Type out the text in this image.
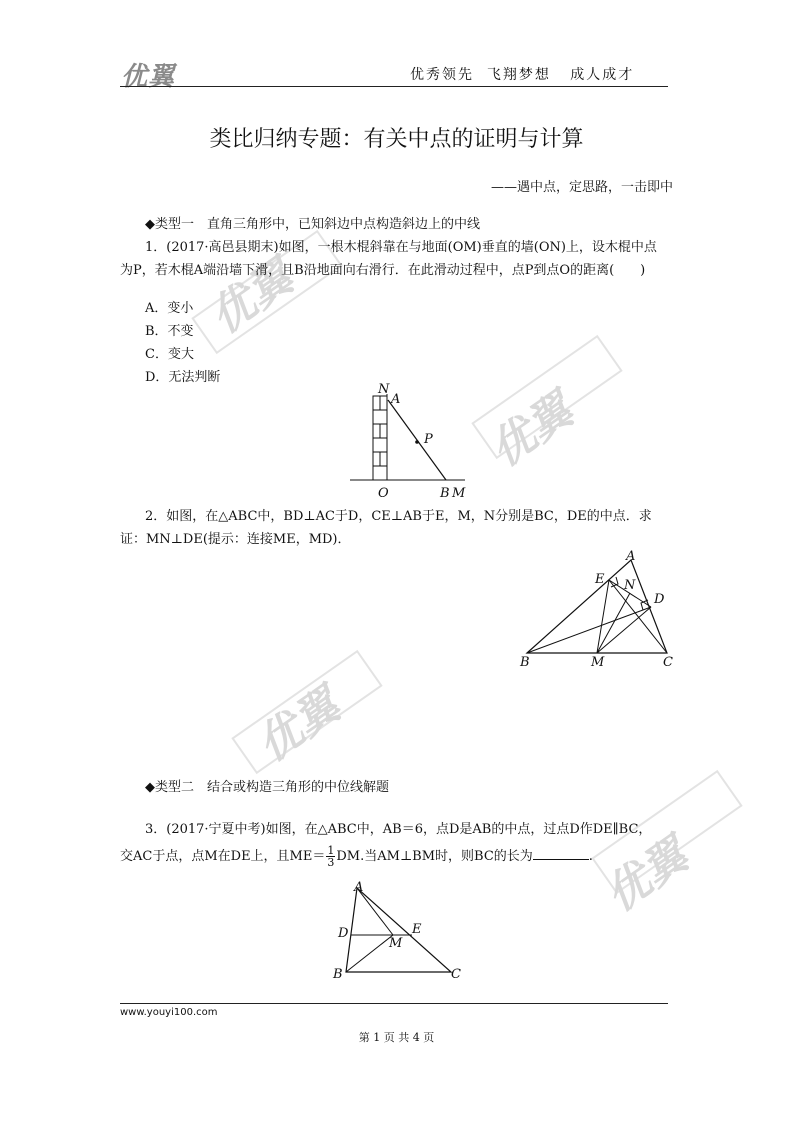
优翼
优翼
优翼
优翼
优翼	优秀领先  飞翔梦想   成人成才
类比归纳专题：有关中点的证明与计算
——遇中点，定思路，一击即中
◆类型一　直角三角形中，已知斜边中点构造斜边上的中线
1．(2017·高邑县期末)如图，一根木棍斜靠在与地面(OM)垂直的墙(ON)上，设木棍中点
为P，若木棍A端沿墙下滑，且B沿地面向右滑行．在此滑动过程中，点P到点O的距离(　　)
A．变小
B．不变
C．变大
D．无法判断
N
A
P
O	B M
2．如图，在△ABC中，BD⊥AC于D，CE⊥AB于E，M，N分别是BC，DE的中点．求
证：MN⊥DE(提示：连接ME，MD)．
A
E N
D
B	M	C
◆类型二　结合或构造三角形的中位线解题
3．(2017·宁夏中考)如图，在△ABC中，AB＝6，点D是AB的中点，过点D作DE∥BC，
交AC于点，点M在DE上，且$ME= \frac{1}{3}$ DM.当AM⊥BM时，则BC的长为	.
A
D	E
M
B	C
www.youyi100.com
第 1 页 共 4 页
